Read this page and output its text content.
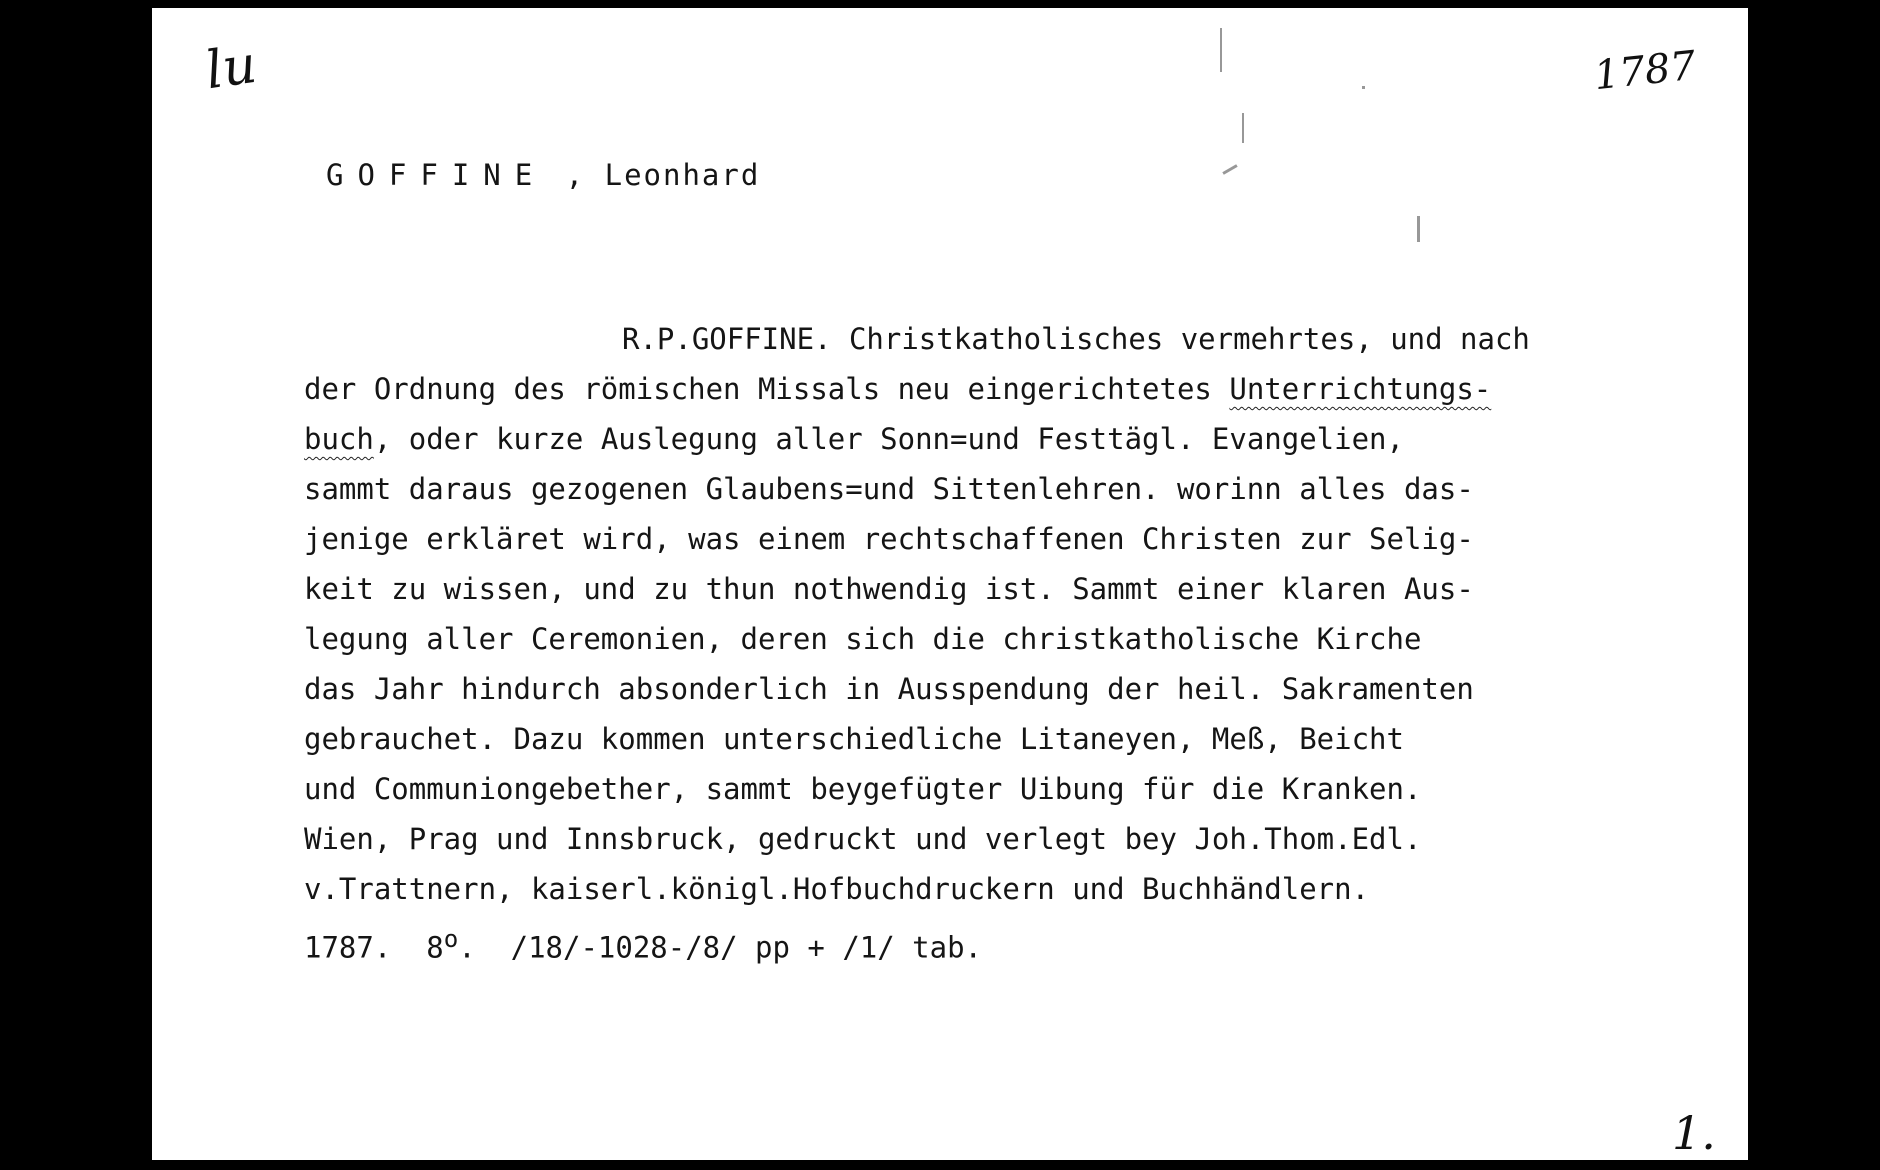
lu	1787
1.
GOFFINE , Leonhard
R.P.GOFFINE. Christkatholisches vermehrtes, und nach
der Ordnung des römischen Missals neu eingerichtetes Unterrichtungs-
buch, oder kurze Auslegung aller Sonn=und Festtägl. Evangelien,
sammt daraus gezogenen Glaubens=und Sittenlehren. worinn alles das-
jenige erkläret wird, was einem rechtschaffenen Christen zur Selig-
keit zu wissen, und zu thun nothwendig ist. Sammt einer klaren Aus-
legung aller Ceremonien, deren sich die christkatholische Kirche
das Jahr hindurch absonderlich in Ausspendung der heil. Sakramenten
gebrauchet. Dazu kommen unterschiedliche Litaneyen, Meß, Beicht
und Communiongebether, sammt beygefügter Uibung für die Kranken.
Wien, Prag und Innsbruck, gedruckt und verlegt bey Joh.Thom.Edl.
v.Trattnern, kaiserl.königl.Hofbuchdruckern und Buchhändlern.
1787.  8$^o$.  /18/-1028-/8/ pp + /1/ tab.
